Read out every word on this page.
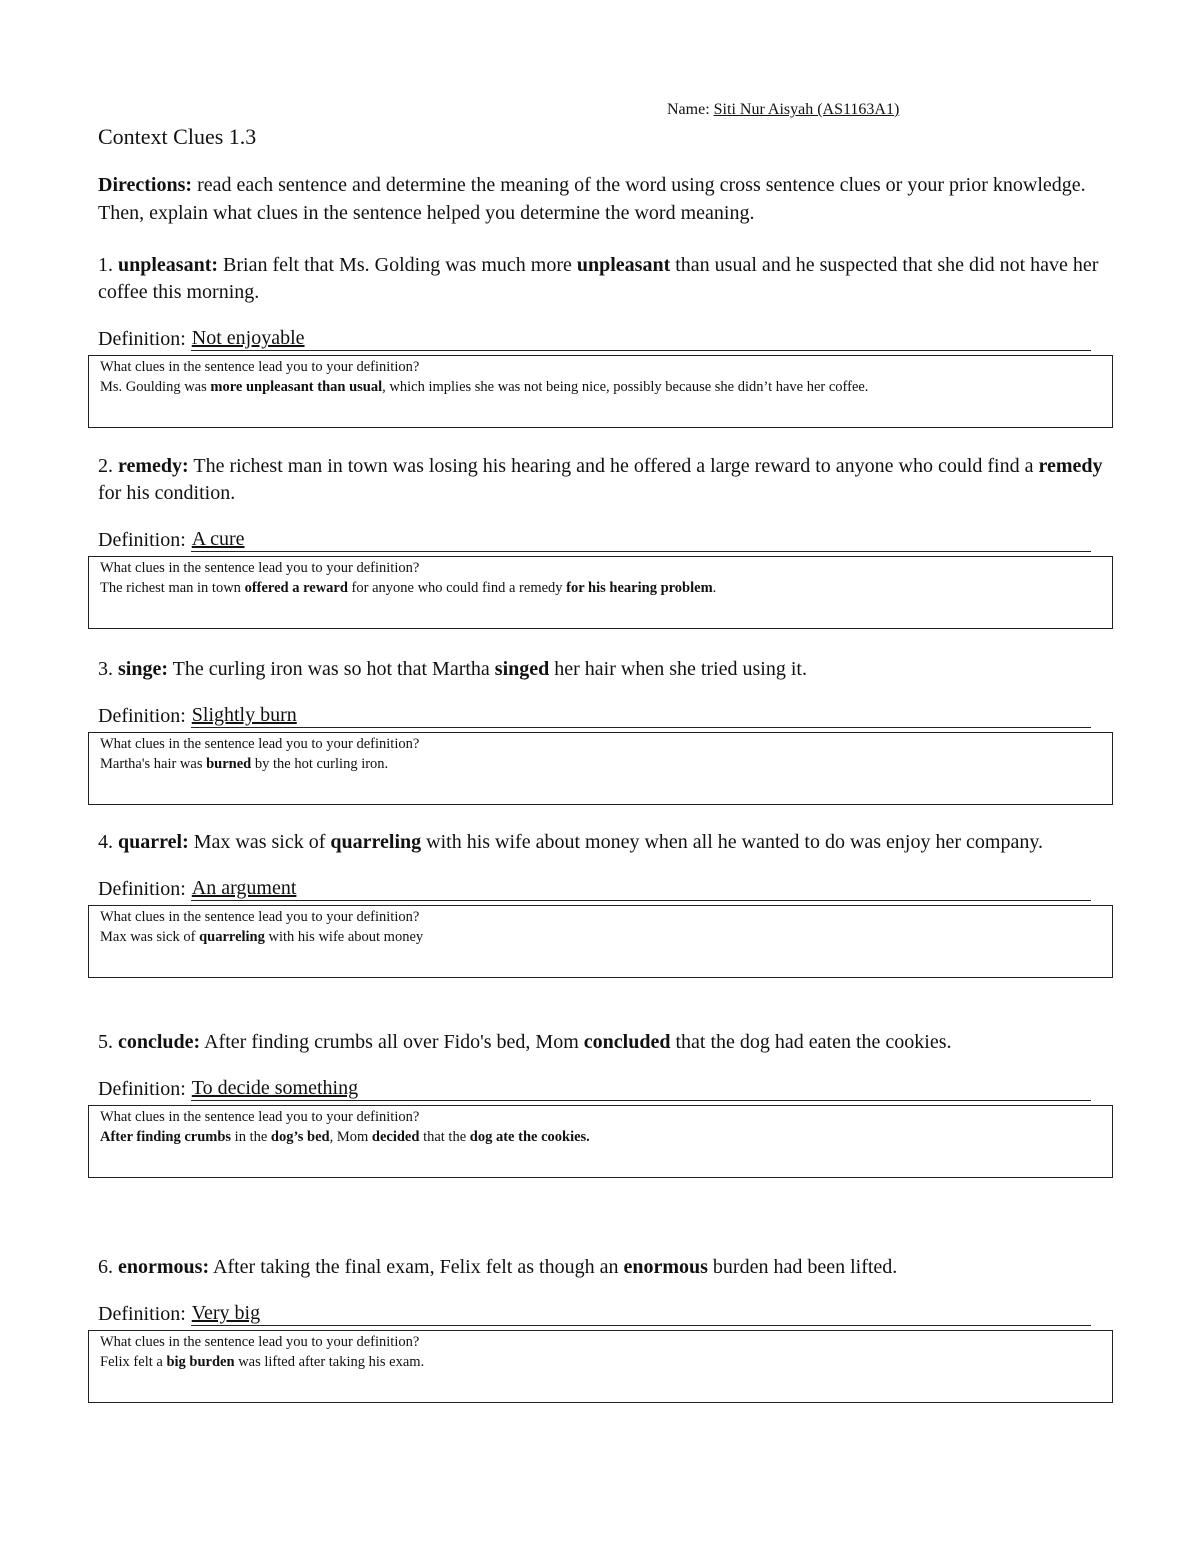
Name: Siti Nur Aisyah (AS1163A1)
Context Clues 1.3

Directions: read each sentence and determine the meaning of the word using cross sentence clues or your prior knowledge. Then, explain what clues in the sentence helped you determine the word meaning.

1. unpleasant: Brian felt that Ms. Golding was much more unpleasant than usual and he suspected that she did not have her coffee this morning.

Definition: Not enjoyable

What clues in the sentence lead you to your definition?

Ms. Goulding was more unpleasant than usual, which implies she was not being nice, possibly because she didn’t have her coffee.

2. remedy: The richest man in town was losing his hearing and he offered a large reward to anyone who could find a remedy for his condition.

Definition: A cure

What clues in the sentence lead you to your definition?

The richest man in town offered a reward for anyone who could find a remedy for his hearing problem.

3. singe: The curling iron was so hot that Martha singed her hair when she tried using it.

Definition: Slightly burn

What clues in the sentence lead you to your definition?

Martha's hair was burned by the hot curling iron.

4. quarrel: Max was sick of quarreling with his wife about money when all he wanted to do was enjoy her company.

Definition: An argument

What clues in the sentence lead you to your definition?

Max was sick of quarreling with his wife about money

5. conclude: After finding crumbs all over Fido's bed, Mom concluded that the dog had eaten the cookies.

Definition: To decide something

What clues in the sentence lead you to your definition?

After finding crumbs in the dog’s bed, Mom decided that the dog ate the cookies.

6. enormous: After taking the final exam, Felix felt as though an enormous burden had been lifted.

Definition: Very big

What clues in the sentence lead you to your definition?

Felix felt a big burden was lifted after taking his exam.
